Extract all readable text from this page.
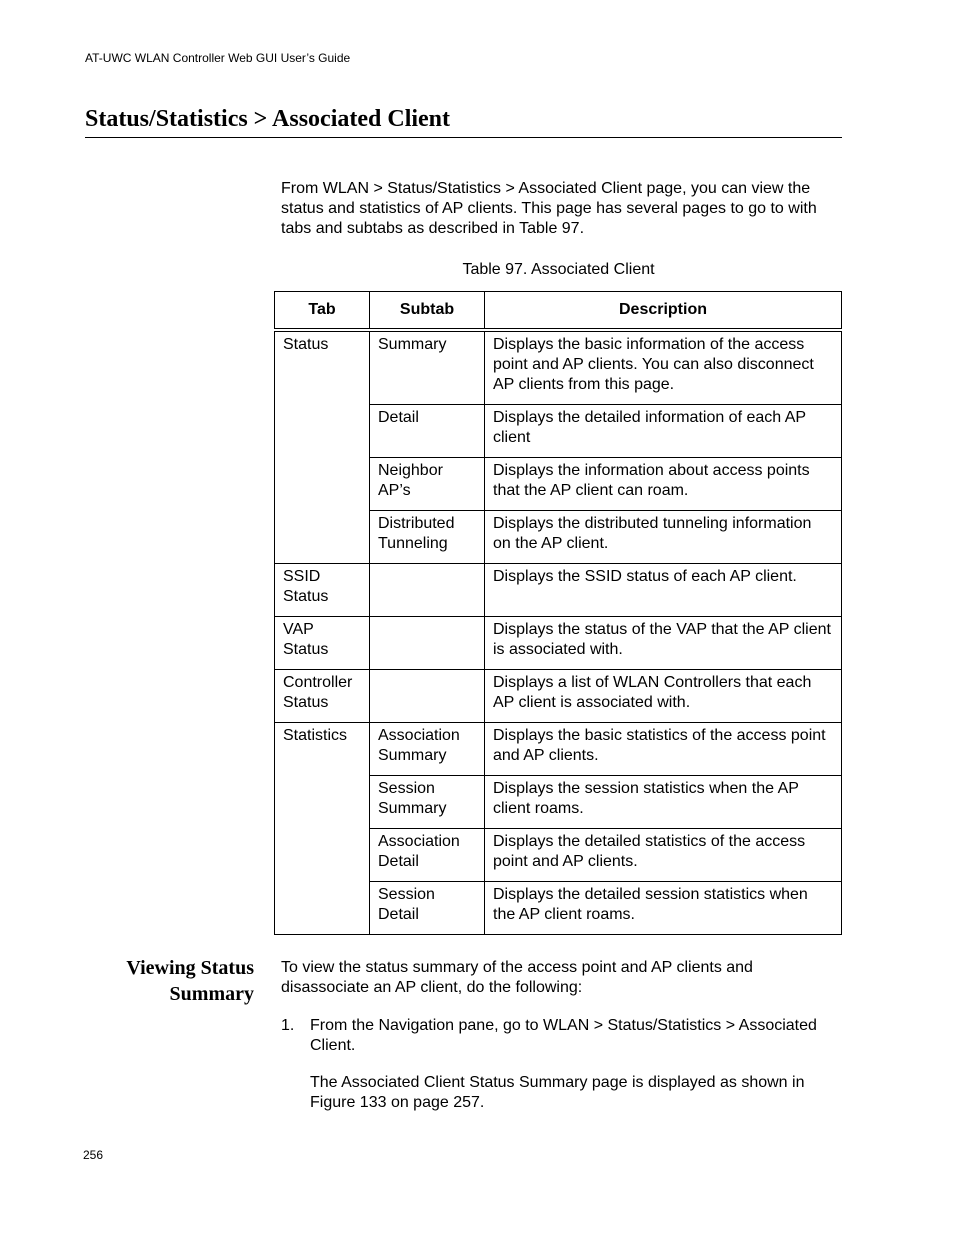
AT-UWC WLAN Controller Web GUI User’s Guide
Status/Statistics > Associated Client

From WLAN > Status/Statistics > Associated Client page, you can view the status and statistics of AP clients. This page has several pages to go to with tabs and subtabs as described in Table 97.

Table 97. Associated Client
Tab	Subtab	Description
Status	Summary	Displays the basic information of the access point and AP clients. You can also disconnect AP clients from this page.
	Detail	Displays the detailed information of each AP client
	Neighbor AP’s	Displays the information about access points that the AP client can roam.
	Distributed Tunneling	Displays the distributed tunneling information on the AP client.
SSID Status		Displays the SSID status of each AP client.
VAP Status		Displays the status of the VAP that the AP client is associated with.
Controller Status		Displays a list of WLAN Controllers that each AP client is associated with.
Statistics	Association Summary	Displays the basic statistics of the access point and AP clients.
	Session Summary	Displays the session statistics when the AP client roams.
	Association Detail	Displays the detailed statistics of the access point and AP clients.
	Session Detail	Displays the detailed session statistics when the AP client roams.
Viewing Status Summary

To view the status summary of the access point and AP clients and disassociate an AP client, do the following:

1. From the Navigation pane, go to WLAN > Status/Statistics > Associated Client.

The Associated Client Status Summary page is displayed as shown in Figure 133 on page 257.

256
